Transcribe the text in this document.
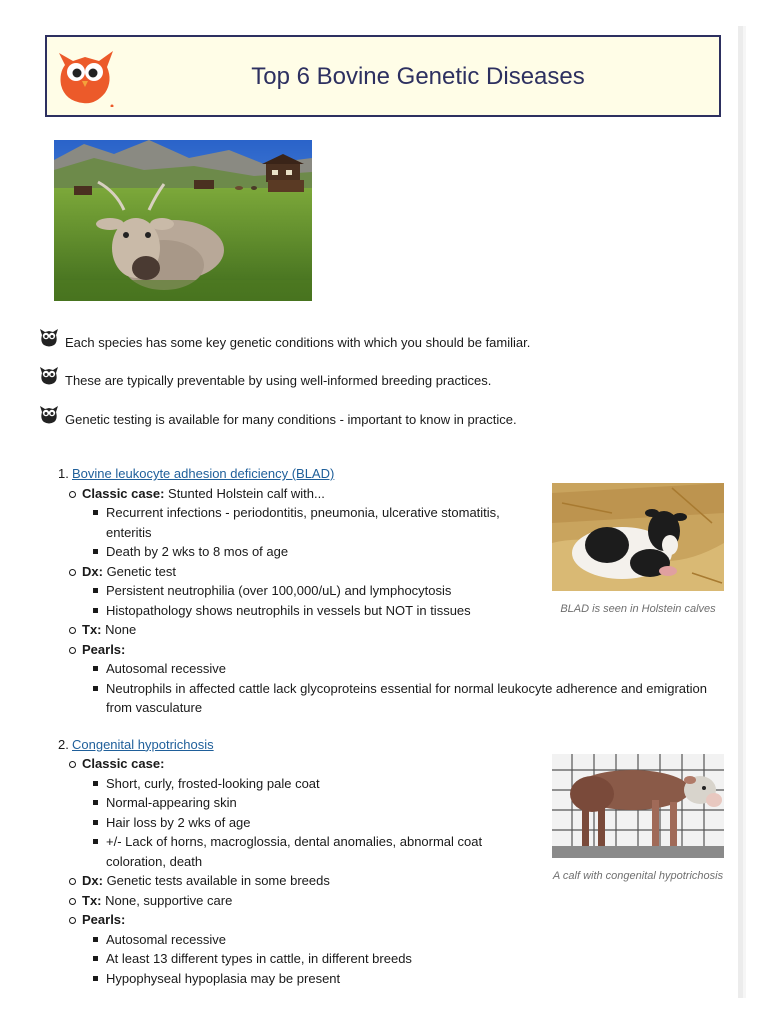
Top 6 Bovine Genetic Diseases
Each species has some key genetic conditions with which you should be familiar.
These are typically preventable by using well-informed breeding practices.
Genetic testing is available for many conditions - important to know in practice.
1. Bovine leukocyte adhesion deficiency (BLAD)
Classic case: Stunted Holstein calf with...
Recurrent infections - periodontitis, pneumonia, ulcerative stomatitis, enteritis
Death by 2 wks to 8 mos of age
Dx: Genetic test
Persistent neutrophilia (over 100,000/uL) and lymphocytosis
Histopathology shows neutrophils in vessels but NOT in tissues
Tx: None
Pearls:
Autosomal recessive
Neutrophils in affected cattle lack glycoproteins essential for normal leukocyte adherence and emigration from vasculature
2. Congenital hypotrichosis
Classic case:
Short, curly, frosted-looking pale coat
Normal-appearing skin
Hair loss by 2 wks of age
+/- Lack of horns, macroglossia, dental anomalies, abnormal coat coloration, death
Dx: Genetic tests available in some breeds
Tx: None, supportive care
Pearls:
Autosomal recessive
At least 13 different types in cattle, in different breeds
Hypophyseal hypoplasia may be present
BLAD is seen in Holstein calves
A calf with congenital hypotrichosis
